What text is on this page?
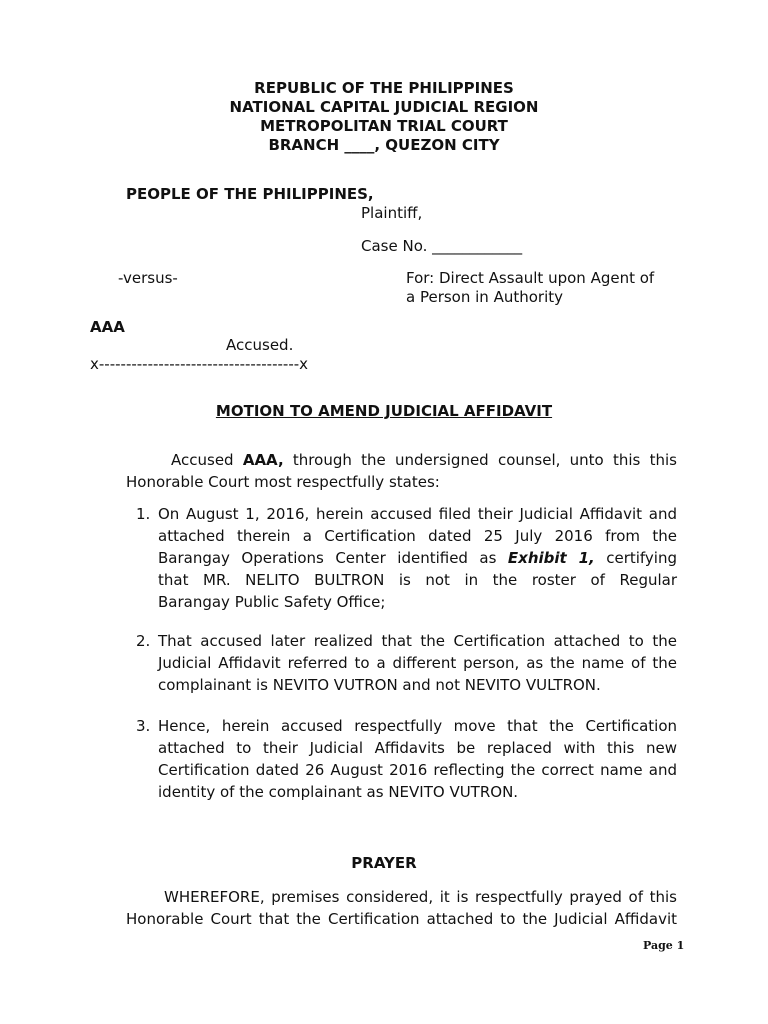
REPUBLIC OF THE PHILIPPINES
NATIONAL CAPITAL JUDICIAL REGION
METROPOLITAN TRIAL COURT
BRANCH ____, QUEZON CITY
PEOPLE OF THE PHILIPPINES,
Plaintiff,
Case No. ____________
-versus-	For: Direct Assault upon Agent of
a Person in Authority
AAA
Accused.
x-------------------------------------x
MOTION TO AMEND JUDICIAL AFFIDAVIT
Accused AAA, through the undersigned counsel, unto this this
Honorable Court most respectfully states:
1. On August 1, 2016, herein accused filed their Judicial Affidavit and
attached therein a Certification dated 25 July 2016 from the
Barangay Operations Center identified as Exhibit 1, certifying
that MR. NELITO BULTRON is not in the roster of Regular
Barangay Public Safety Office;
2. That accused later realized that the Certification attached to the
Judicial Affidavit referred to a different person, as the name of the
complainant is NEVITO VUTRON and not NEVITO VULTRON.
3. Hence, herein accused respectfully move that the Certification
attached to their Judicial Affidavits be replaced with this new
Certification dated 26 August 2016 reflecting the correct name and
identity of the complainant as NEVITO VUTRON.
PRAYER
WHEREFORE, premises considered, it is respectfully prayed of this
Honorable Court that the Certification attached to the Judicial Affidavit
Page 1
